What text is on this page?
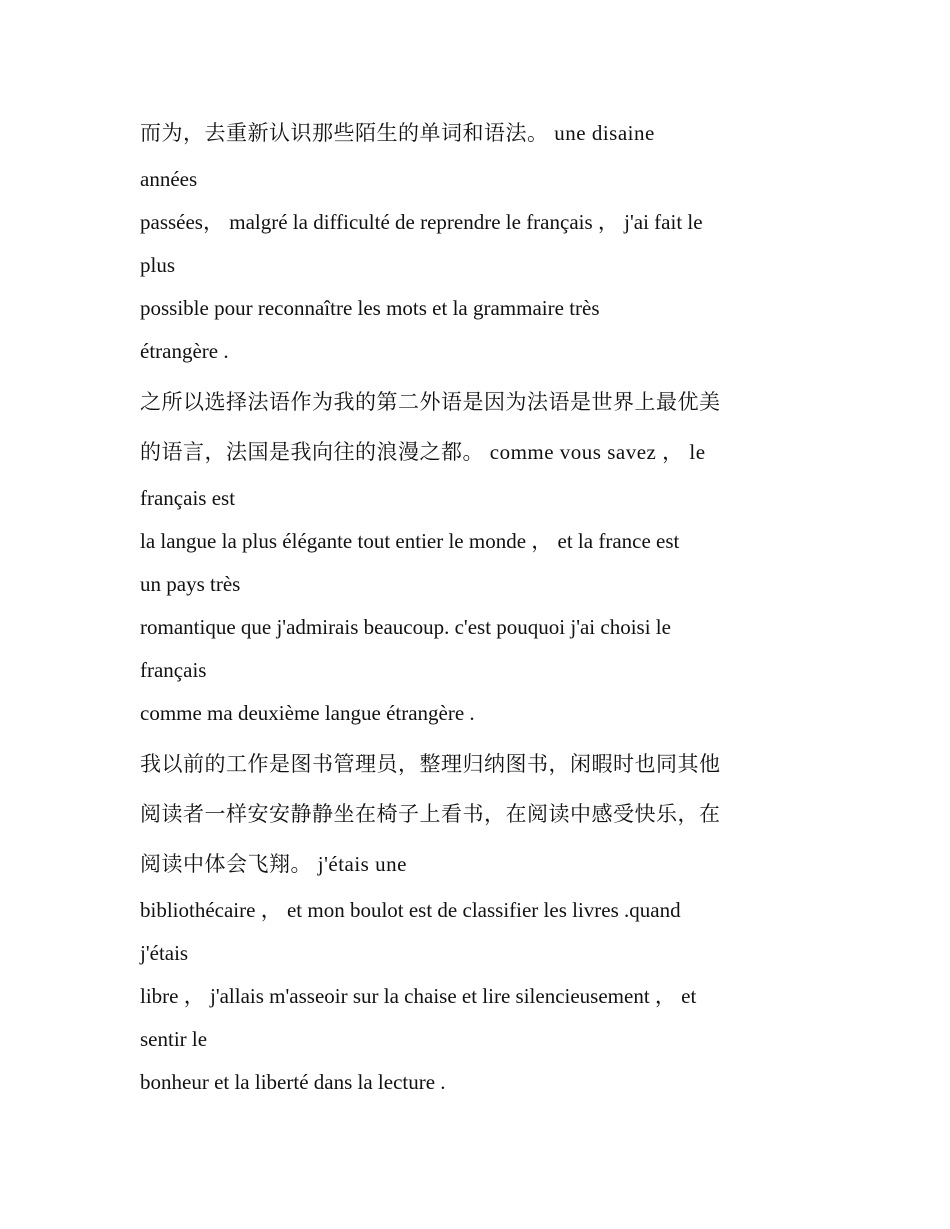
而为，去重新认识那些陌生的单词和语法。 une disaine
années
passées， malgré la difficulté de reprendre le français ， j'ai fait le
plus
possible pour reconnaître les mots et la grammaire très
étrangère .
之所以选择法语作为我的第二外语是因为法语是世界上最优美
的语言，法国是我向往的浪漫之都。 comme vous savez ， le
français est
la langue la plus élégante tout entier le monde ， et la france est
un pays très
romantique que j'admirais beaucoup. c'est pouquoi j'ai choisi le
français
comme ma deuxième langue étrangère .
我以前的工作是图书管理员，整理归纳图书，闲暇时也同其他
阅读者一样安安静静坐在椅子上看书，在阅读中感受快乐，在
阅读中体会飞翔。 j'étais une
bibliothécaire ， et mon boulot est de classifier les livres .quand
j'étais
libre ， j'allais m'asseoir sur la chaise et lire silencieusement ， et
sentir le
bonheur et la liberté dans la lecture .
